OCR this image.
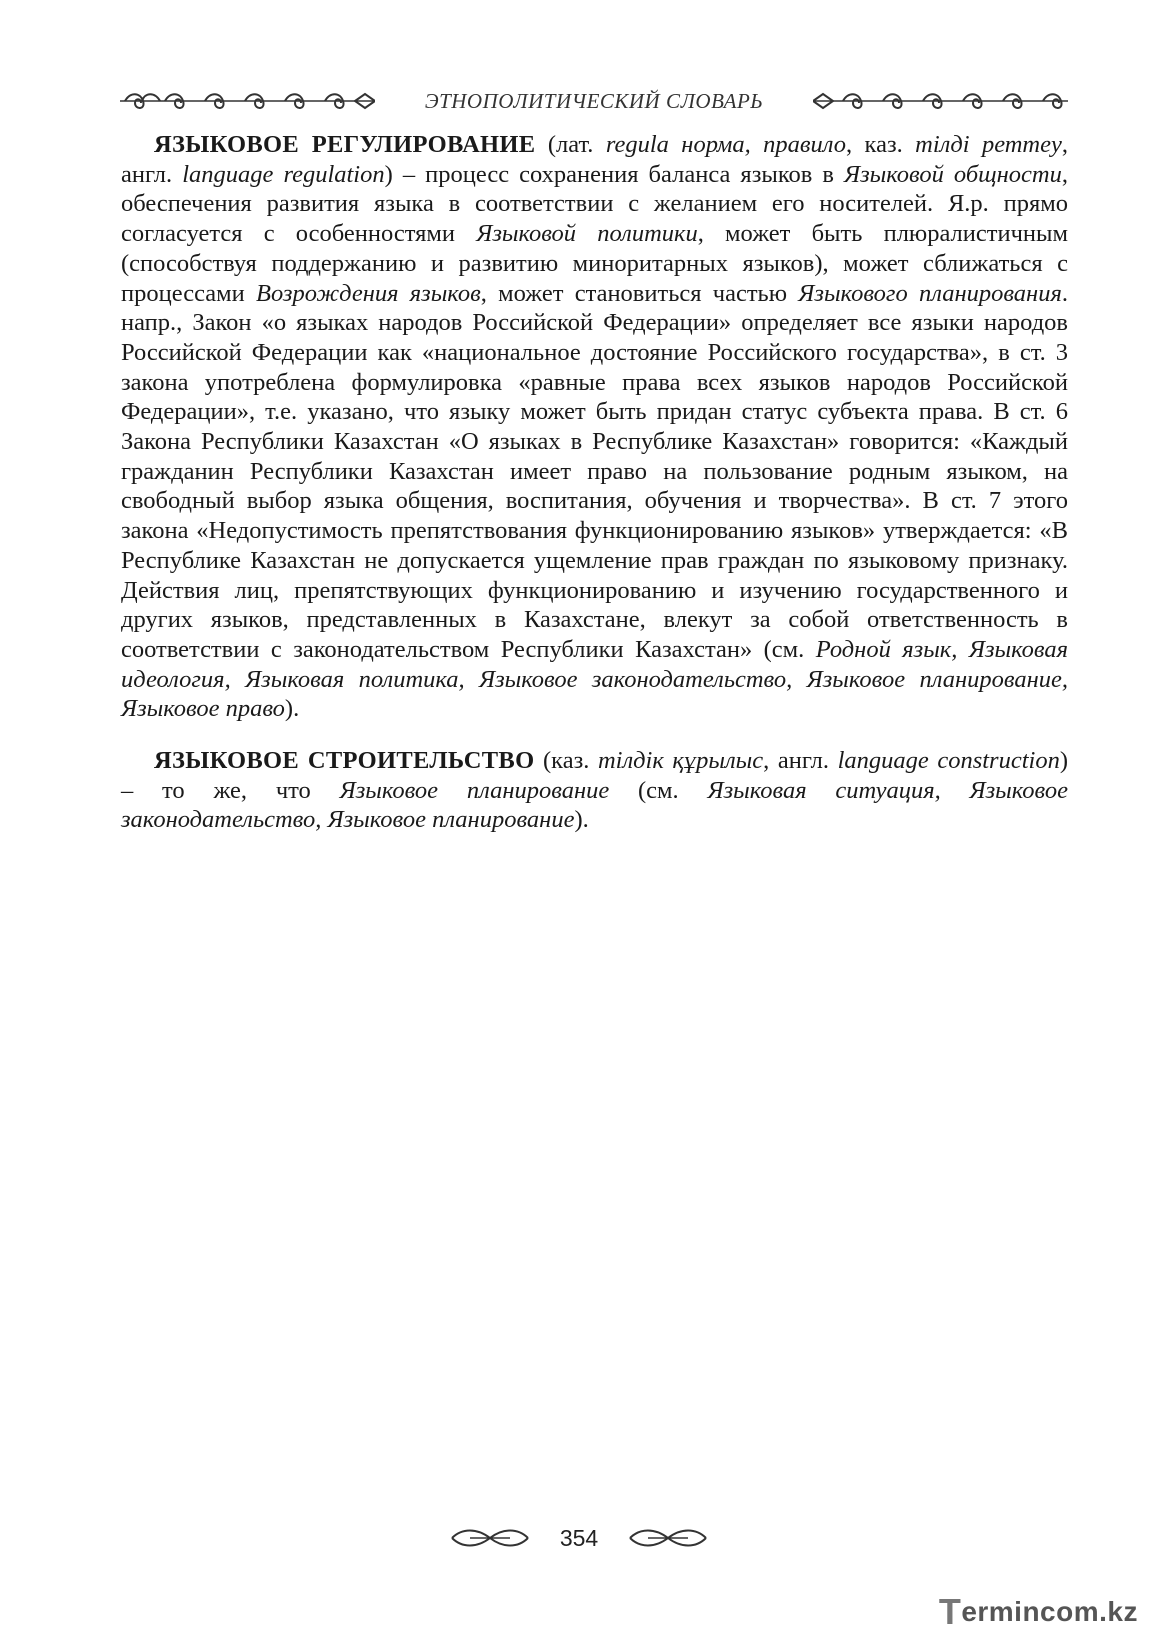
ЭТНОПОЛИТИЧЕСКИЙ СЛОВАРЬ

ЯЗЫКОВОЕ РЕГУЛИРОВАНИЕ (лат. regula норма, правило, каз. тілді реттеу, англ. language regulation) – процесс сохранения баланса языков в Языковой общности, обеспечения развития языка в соответствии с желанием его носителей. Я.р. прямо согласуется с особенностями Языковой политики, может быть плюралистичным (способствуя поддержанию и развитию миноритарных языков), может сближаться с процессами Возрождения языков, может становиться частью Языкового планирования. напр., Закон «о языках народов Российской Федерации» определяет все языки народов Российской Федерации как «национальное достояние Российского государства», в ст. 3 закона употреблена формулировка «равные права всех языков народов Российской Федерации», т.е. указано, что языку может быть придан статус субъекта права. В ст. 6 Закона Республики Казахстан «О языках в Республике Казахстан» говорится: «Каждый гражданин Республики Казахстан имеет право на пользование родным языком, на свободный выбор языка общения, воспитания, обучения и творчества». В ст. 7 этого закона «Недопустимость препятствования функционированию языков» утверждается: «В Республике Казахстан не допускается ущемление прав граждан по языковому признаку. Действия лиц, препятствующих функционированию и изучению государственного и других языков, представленных в Казахстане, влекут за собой ответственность в соответствии с законодательством Республики Казахстан» (см. Родной язык, Языковая идеология, Языковая политика, Языковое законодательство, Языковое планирование, Языковое право).

ЯЗЫКОВОЕ СТРОИТЕЛЬСТВО (каз. тілдік құрылыс, англ. language construction) – то же, что Языковое планирование (см. Языковая ситуация, Языковое законодательство, Языковое планирование).

354
T erminc o m.kz
